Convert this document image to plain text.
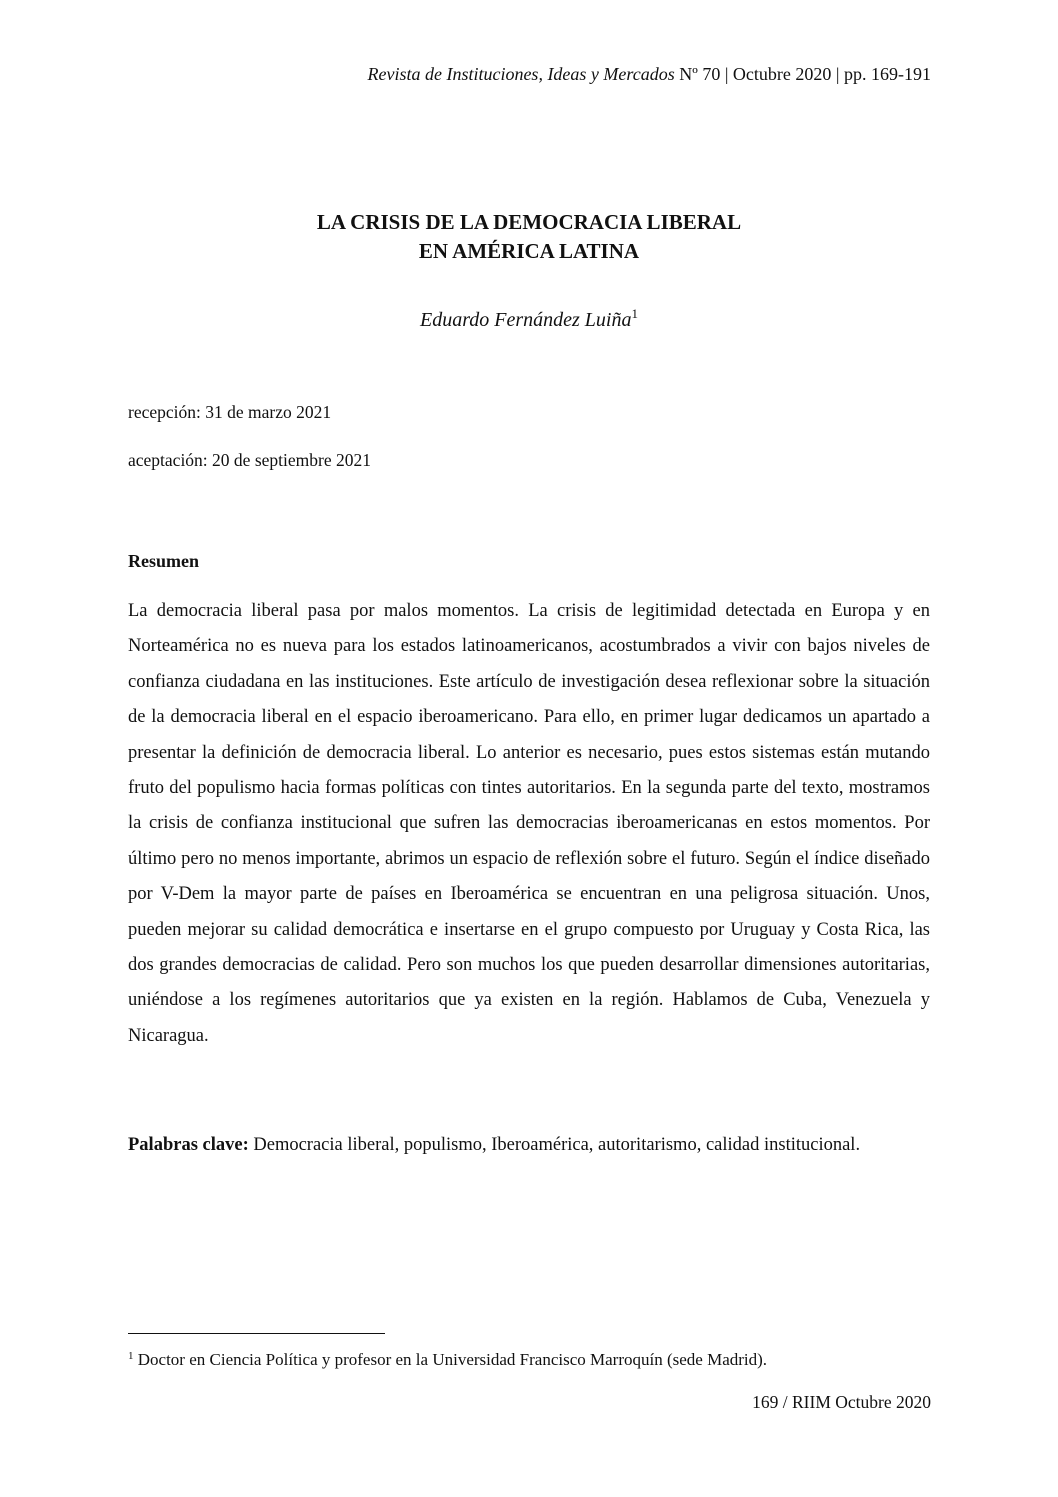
Revista de Instituciones, Ideas y Mercados Nº 70 | Octubre 2020 | pp. 169-191
LA CRISIS DE LA DEMOCRACIA LIBERAL
EN AMÉRICA LATINA
Eduardo Fernández Luiña$^1$
recepción: 31 de marzo 2021
aceptación: 20 de septiembre 2021
Resumen

La democracia liberal pasa por malos momentos. La crisis de legitimidad detectada en Europa y en Norteamérica no es nueva para los estados latinoamericanos, acostumbrados a vivir con bajos niveles de confianza ciudadana en las instituciones. Este artículo de investigación desea reflexionar sobre la situación de la democracia liberal en el espacio iberoamericano. Para ello, en primer lugar dedicamos un apartado a presentar la definición de democracia liberal. Lo anterior es necesario, pues estos sistemas están mutando fruto del populismo hacia formas políticas con tintes autoritarios. En la segunda parte del texto, mostramos la crisis de confianza institucional que sufren las democracias iberoamericanas en estos momentos. Por último pero no menos importante, abrimos un espacio de reflexión sobre el futuro. Según el índice diseñado por V-Dem la mayor parte de países en Iberoamérica se encuentran en una peligrosa situación. Unos, pueden mejorar su calidad democrática e insertarse en el grupo compuesto por Uruguay y Costa Rica, las dos grandes democracias de calidad. Pero son muchos los que pueden desarrollar dimensiones autoritarias, uniéndose a los regímenes autoritarios que ya existen en la región. Hablamos de Cuba, Venezuela y Nicaragua.

Palabras clave: Democracia liberal, populismo, Iberoamérica, autoritarismo, calidad institucional.

$^1$ Doctor en Ciencia Política y profesor en la Universidad Francisco Marroquín (sede Madrid).
169 / RIIM Octubre 2020
